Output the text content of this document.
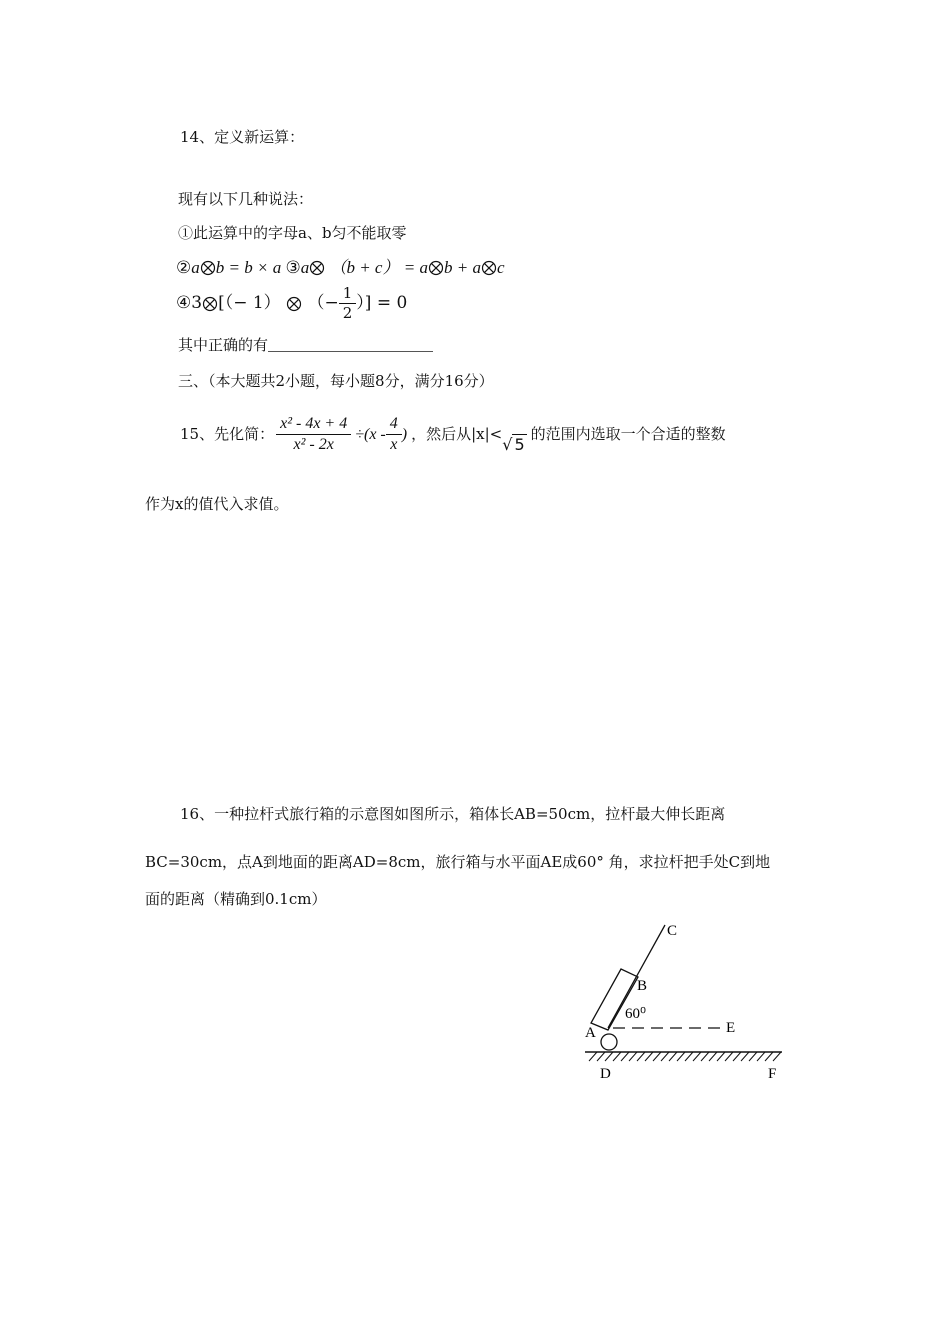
14、定义新运算：
现有以下几种说法：
①此运算中的字母a、b匀不能取零
②a b = b × a ③a （b + c） = a b + a c
④ 3 [（− 1）

（− $\frac{1}{2}$ ）] = 0
其中正确的有
三、（本大题共2小题，每小题8分，满分16分）
15、先化简： $\frac{\text{x² - 4x + 4}}{\text{x² - 2x}} \div(x - \frac{4}{x}$ ) ，然后从|x|<
√ 5
的范围内选取一个合适的整数
作为x的值代入求值。
16、一种拉杆式旅行箱的示意图如图所示，箱体长AB=50cm，拉杆最大伸长距离
BC=30cm，点A到地面的距离AD=8cm，旅行箱与水平面AE成60° 角，求拉杆把手处C到地
面的距离（精确到0.1cm）
C
B
60⁰
A	E
D	F
